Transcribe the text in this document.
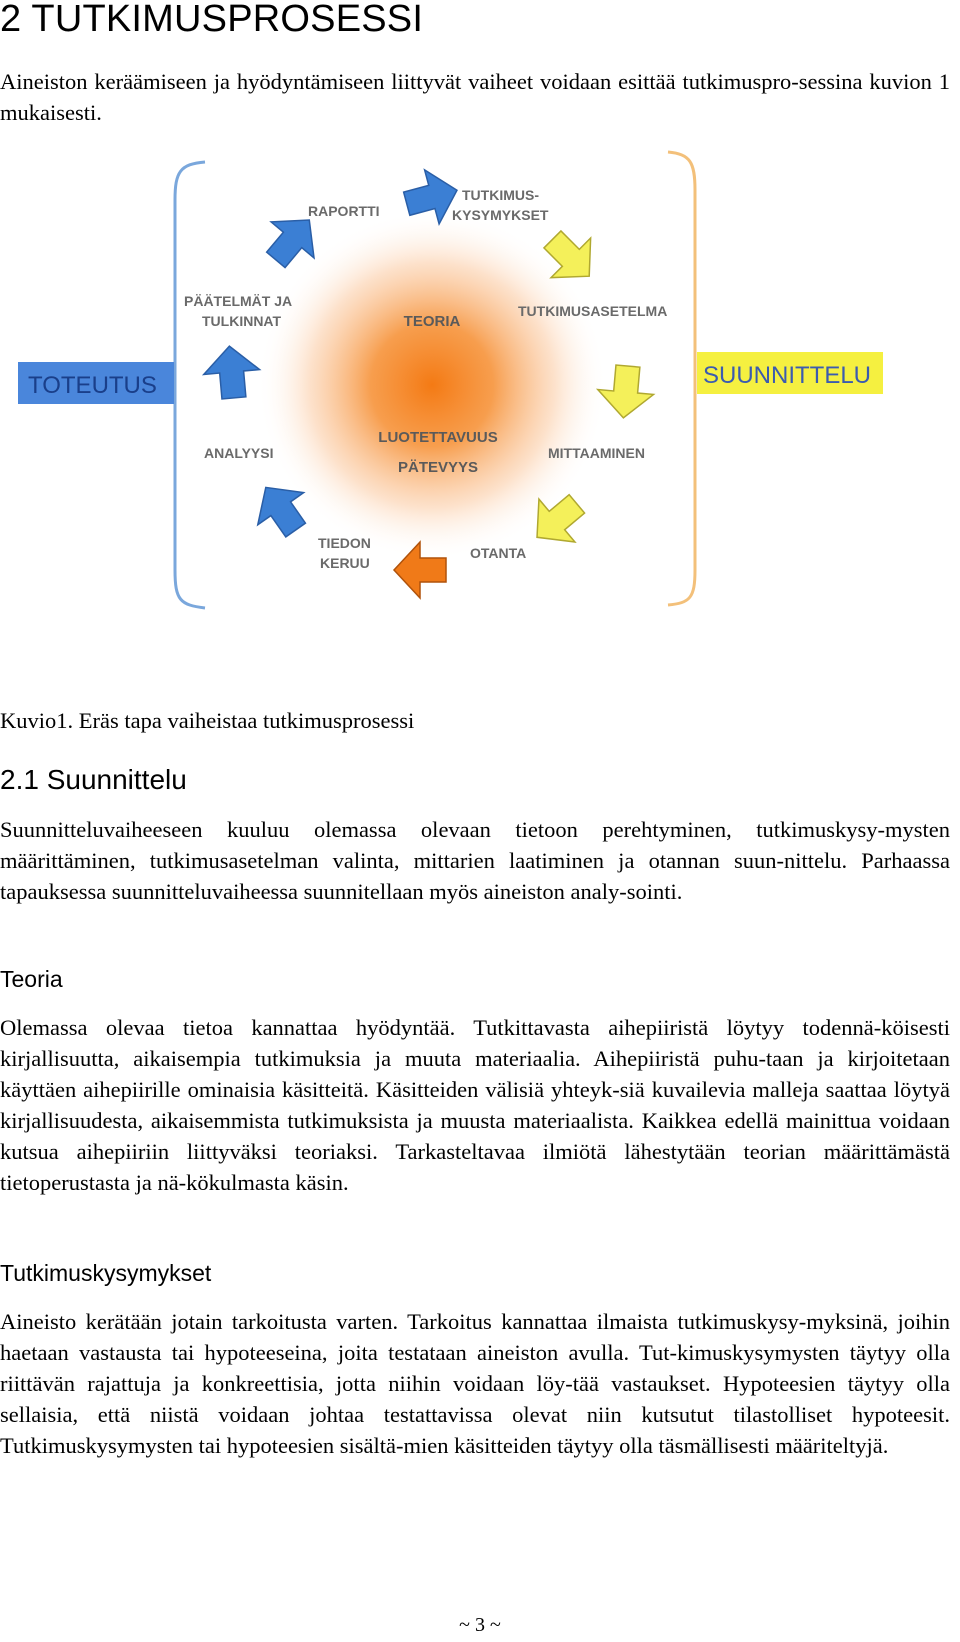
2 TUTKIMUSPROSESSI

Aineiston keräämiseen ja hyödyntämiseen liittyvät vaiheet voidaan esittää tutkimuspro-sessina kuvion 1 mukaisesti.

TOTEUTUS	SUUNNITTELU
TEORIA
LUOTETTAVUUS
PÄTEVYYS
TUTKIMUS-
KYSYMYKSET
TUTKIMUSASETELMA
MITTAAMINEN
OTANTA
TIEDON
KERUU
ANALYYSI
PÄÄTELMÄT JA
TULKINNAT
RAPORTTI
Kuvio1. Eräs tapa vaiheistaa tutkimusprosessi
2.1 Suunnittelu

Suunnitteluvaiheeseen kuuluu olemassa olevaan tietoon perehtyminen, tutkimuskysy-mysten määrittäminen, tutkimusasetelman valinta, mittarien laatiminen ja otannan suun-nittelu. Parhaassa tapauksessa suunnitteluvaiheessa suunnitellaan myös aineiston analy-sointi.

Teoria

Olemassa olevaa tietoa kannattaa hyödyntää. Tutkittavasta aihepiiristä löytyy todennä-köisesti kirjallisuutta, aikaisempia tutkimuksia ja muuta materiaalia. Aihepiiristä puhu-taan ja kirjoitetaan käyttäen aihepiirille ominaisia käsitteitä. Käsitteiden välisiä yhteyk-siä kuvailevia malleja saattaa löytyä kirjallisuudesta, aikaisemmista tutkimuksista ja muusta materiaalista. Kaikkea edellä mainittua voidaan kutsua aihepiiriin liittyväksi teoriaksi. Tarkasteltavaa ilmiötä lähestytään teorian määrittämästä tietoperustasta ja nä-kökulmasta käsin.

Tutkimuskysymykset

Aineisto kerätään jotain tarkoitusta varten. Tarkoitus kannattaa ilmaista tutkimuskysy-myksinä, joihin haetaan vastausta tai hypoteeseina, joita testataan aineiston avulla. Tut-kimuskysymysten täytyy olla riittävän rajattuja ja konkreettisia, jotta niihin voidaan löy-tää vastaukset. Hypoteesien täytyy olla sellaisia, että niistä voidaan johtaa testattavissa olevat niin kutsutut tilastolliset hypoteesit. Tutkimuskysymysten tai hypoteesien sisältä-mien käsitteiden täytyy olla täsmällisesti määriteltyjä.

~ 3 ~
